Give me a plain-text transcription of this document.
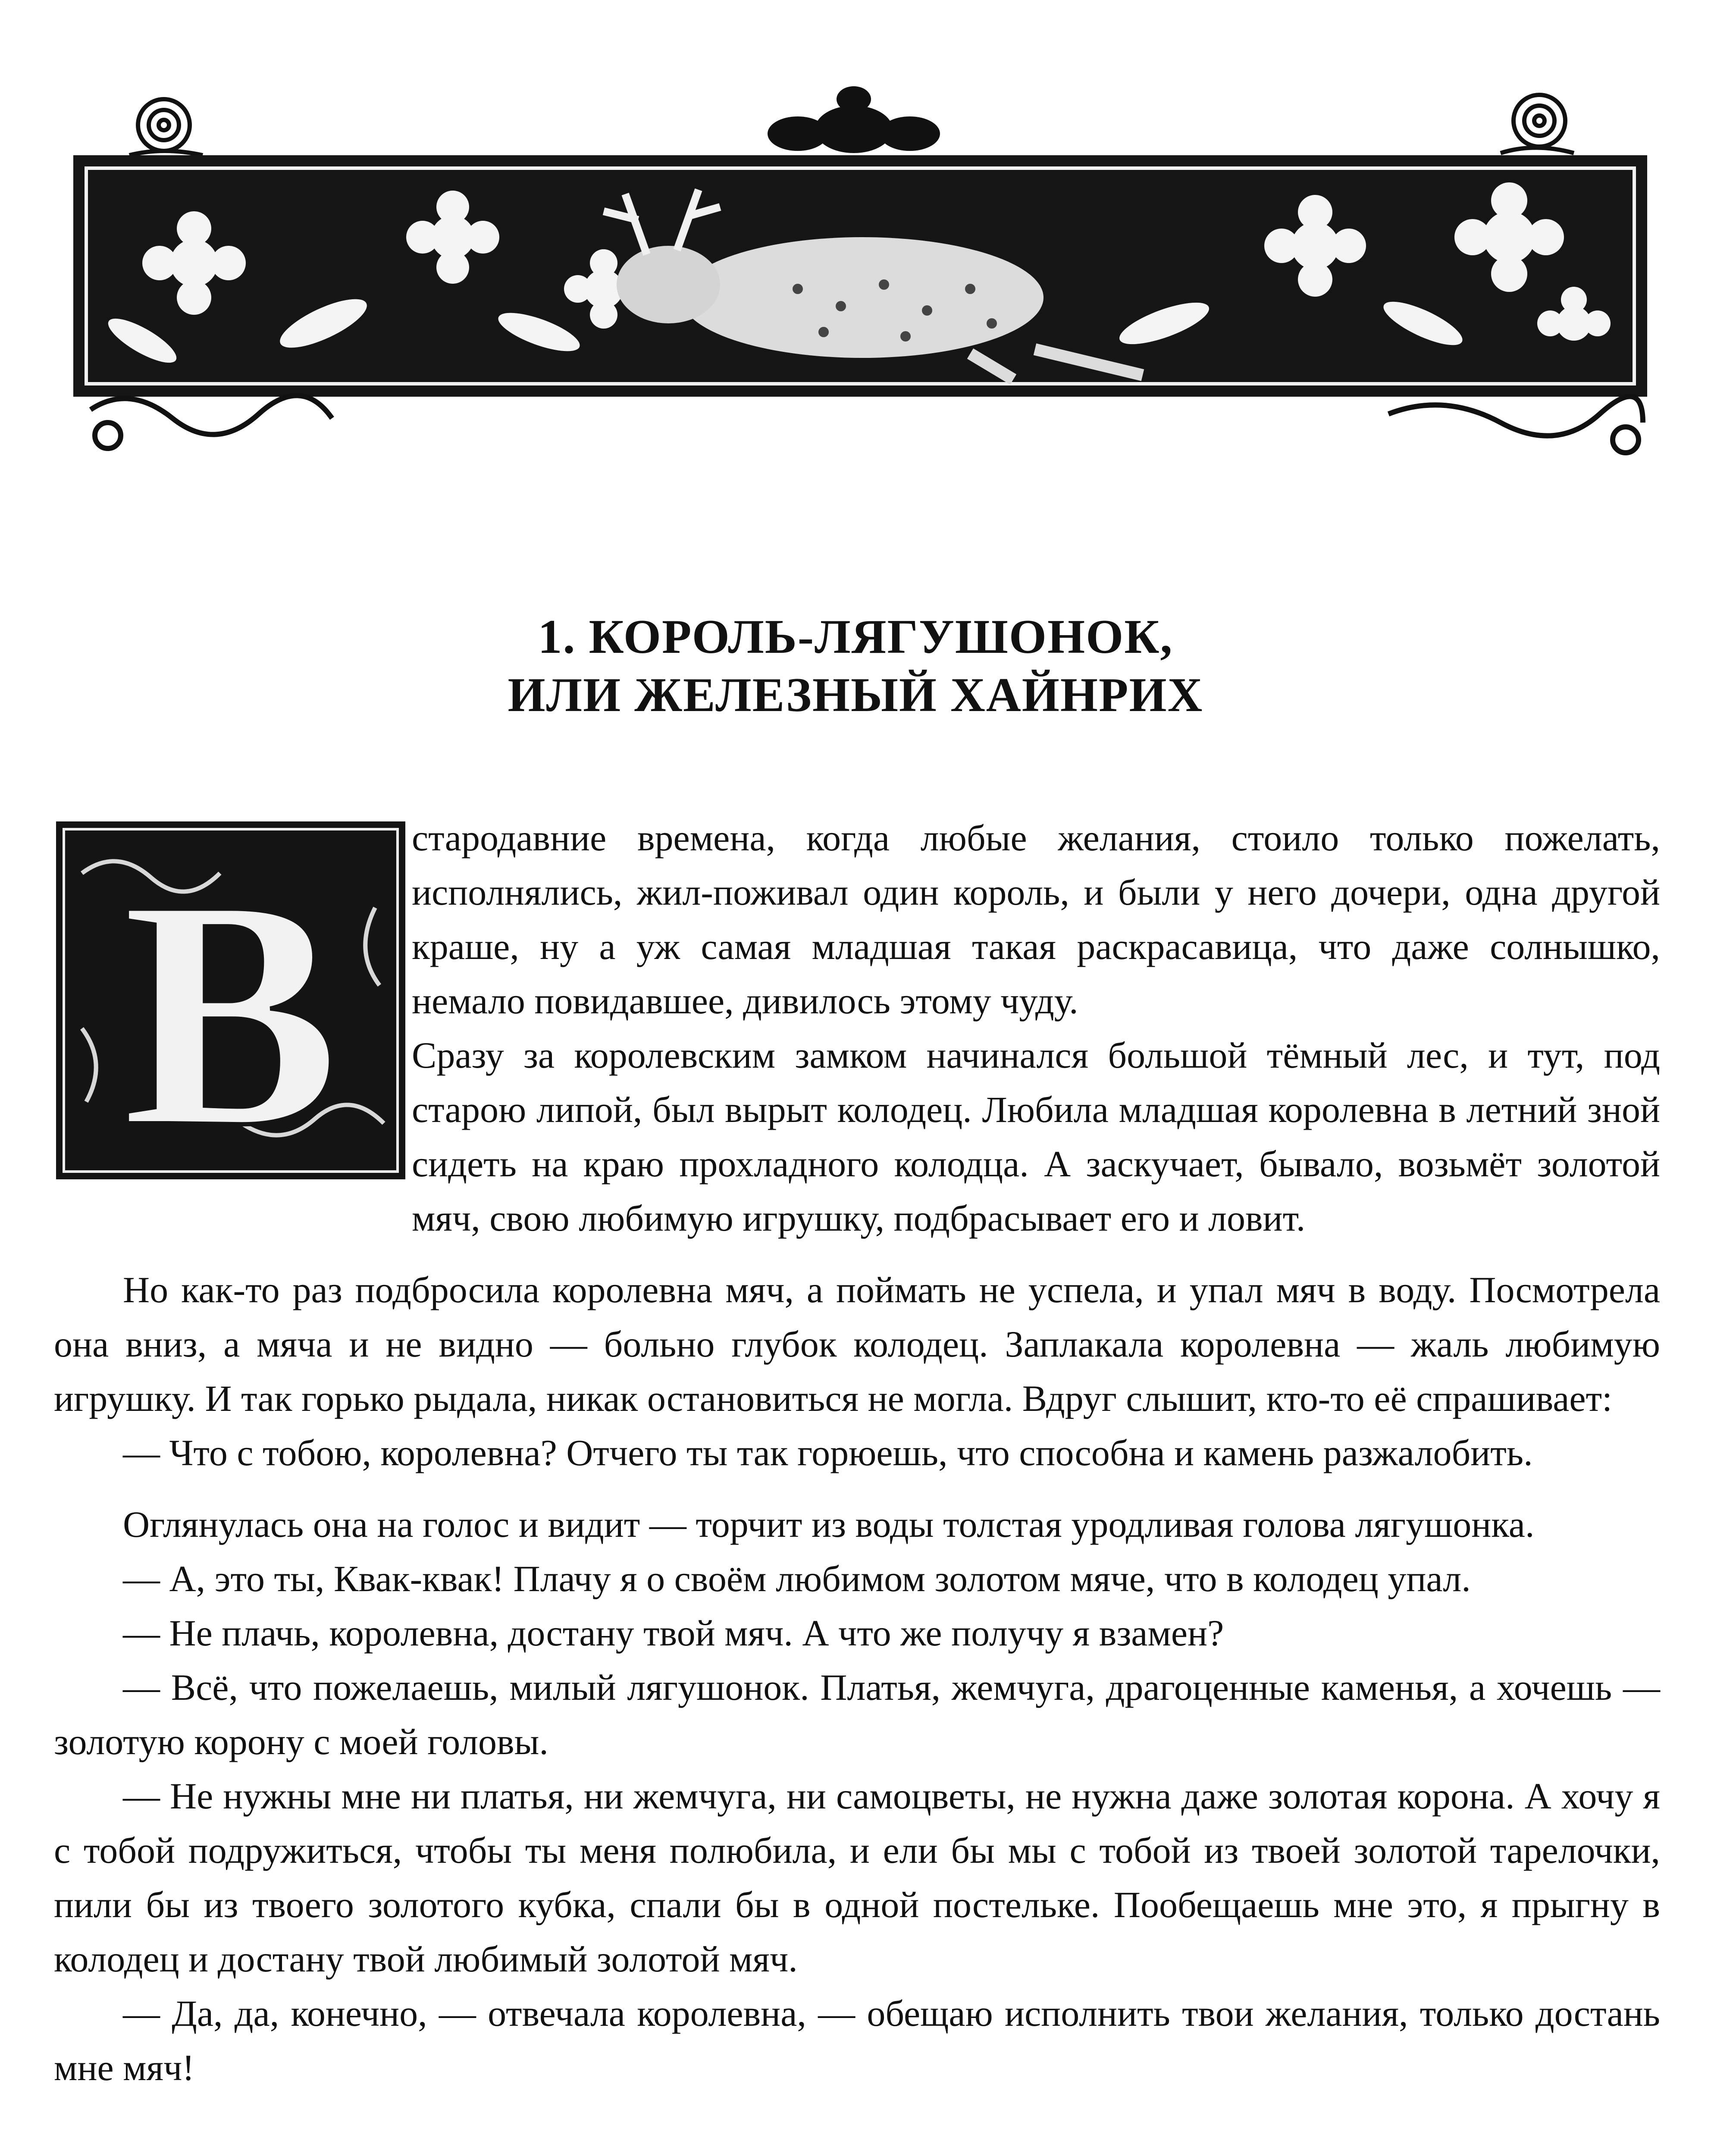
1. КОРОЛЬ-ЛЯГУШОНОК,
ИЛИ ЖЕЛЕЗНЫЙ ХАЙНРИХ
В стародавние времена, когда любые желания, стоило только пожелать, исполнялись, жил-поживал один король, и были у него дочери, одна другой краше, ну а уж самая младшая такая раскрасавица, что даже солнышко, немало повидавшее, дивилось этому чуду.

Сразу за королевским замком начинался большой тёмный лес, и тут, под старою липой, был вырыт колодец. Любила младшая королевна в летний зной сидеть на краю прохладного колодца. А заскучает, бывало, возьмёт золотой мяч, свою любимую игрушку, подбрасывает его и ловит.

Но как-то раз подбросила королевна мяч, а поймать не успела, и упал мяч в воду. Посмотрела она вниз, а мяча и не видно — больно глубок колодец. Заплакала королевна — жаль любимую игрушку. И так горько рыдала, никак остановиться не могла. Вдруг слышит, кто-то её спрашивает:

— Что с тобою, королевна? Отчего ты так горюешь, что способна и камень разжалобить.

Оглянулась она на голос и видит — торчит из воды толстая уродливая голова лягушонка.

— А, это ты, Квак-квак! Плачу я о своём любимом золотом мяче, что в колодец упал.

— Не плачь, королевна, достану твой мяч. А что же получу я взамен?

— Всё, что пожелаешь, милый лягушонок. Платья, жемчуга, драгоценные каменья, а хочешь — золотую корону с моей головы.

— Не нужны мне ни платья, ни жемчуга, ни самоцветы, не нужна даже золотая корона. А хочу я с тобой подружиться, чтобы ты меня полюбила, и ели бы мы с тобой из твоей золотой тарелочки, пили бы из твоего золотого кубка, спали бы в одной постельке. Пообещаешь мне это, я прыгну в колодец и достану твой любимый золотой мяч.

— Да, да, конечно, — отвечала королевна, — обещаю исполнить твои желания, только достань мне мяч!
